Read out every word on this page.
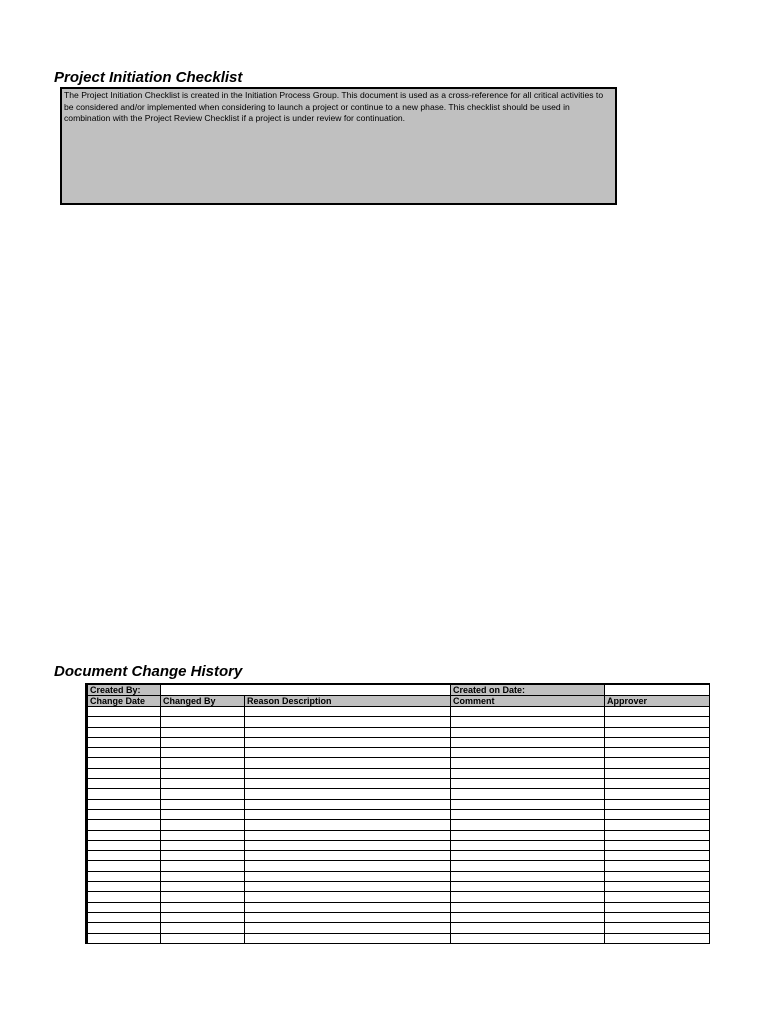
Project Initiation Checklist

The Project Initiation Checklist is created in the Initiation Process Group. This document is used as a cross-reference for all critical activities to be considered and/or implemented when considering to launch a project or continue to a new phase. This checklist should be used in combination with the Project Review Checklist if a project is under review for continuation.

Document Change History
Created By:			Created on Date:	
Change Date	Changed By	Reason Description	Comment	Approver
